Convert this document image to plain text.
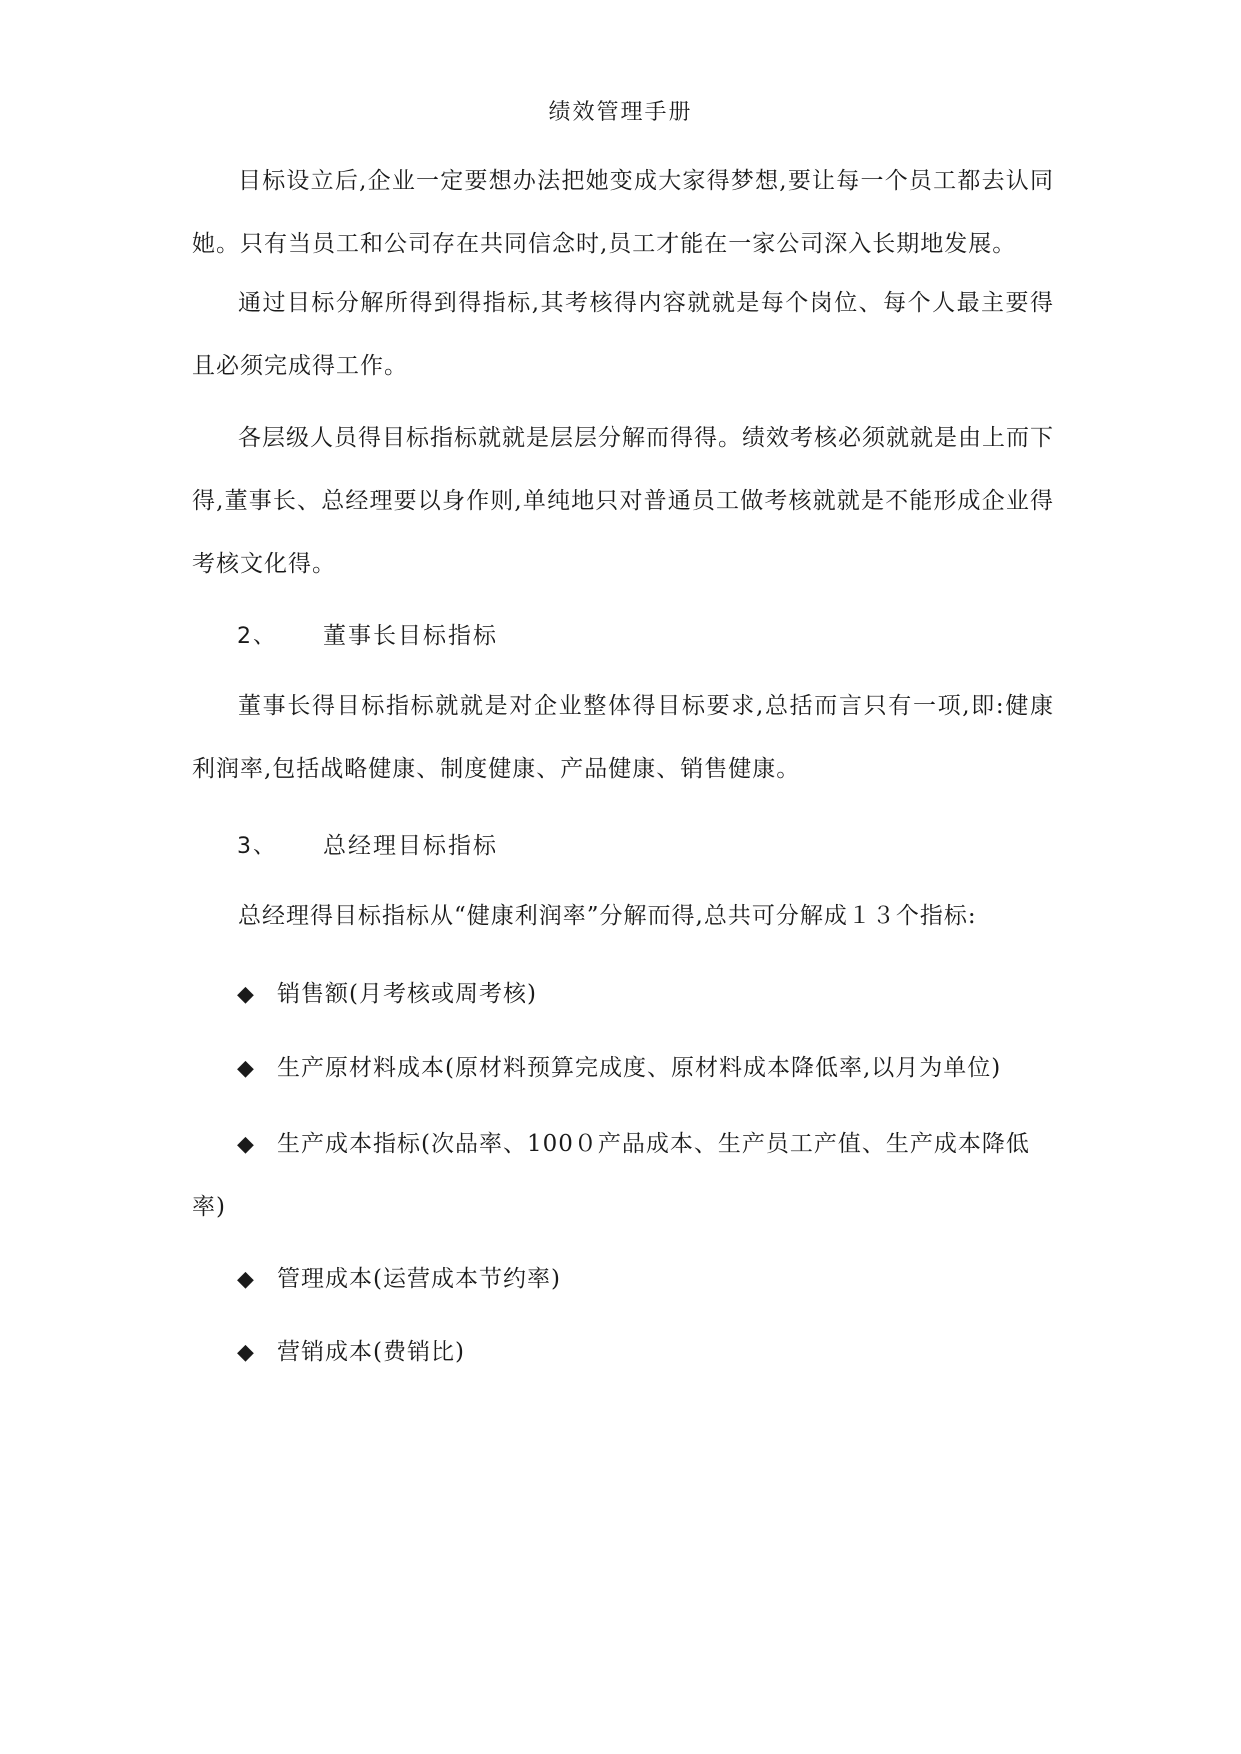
绩效管理手册
目标设立后,企业一定要想办法把她变成大家得梦想,要让每一个员工都去认同她。只有当员工和公司存在共同信念时,员工才能在一家公司深入长期地发展。
通过目标分解所得到得指标,其考核得内容就就是每个岗位、每个人最主要得且必须完成得工作。
各层级人员得目标指标就就是层层分解而得得。绩效考核必须就就是由上而下得,董事长、总经理要以身作则,单纯地只对普通员工做考核就就是不能形成企业得考核文化得。
2、 董事长目标指标
董事长得目标指标就就是对企业整体得目标要求,总括而言只有一项,即:健康利润率,包括战略健康、制度健康、产品健康、销售健康。
3、 总经理目标指标
总经理得目标指标从“健康利润率”分解而得,总共可分解成１３个指标:
◆ 销售额(月考核或周考核)
◆ 生产原材料成本(原材料预算完成度、原材料成本降低率,以月为单位)
◆ 生产成本指标(次品率、100０产品成本、生产员工产值、生产成本降低率)
◆ 管理成本(运营成本节约率)
◆ 营销成本(费销比)
